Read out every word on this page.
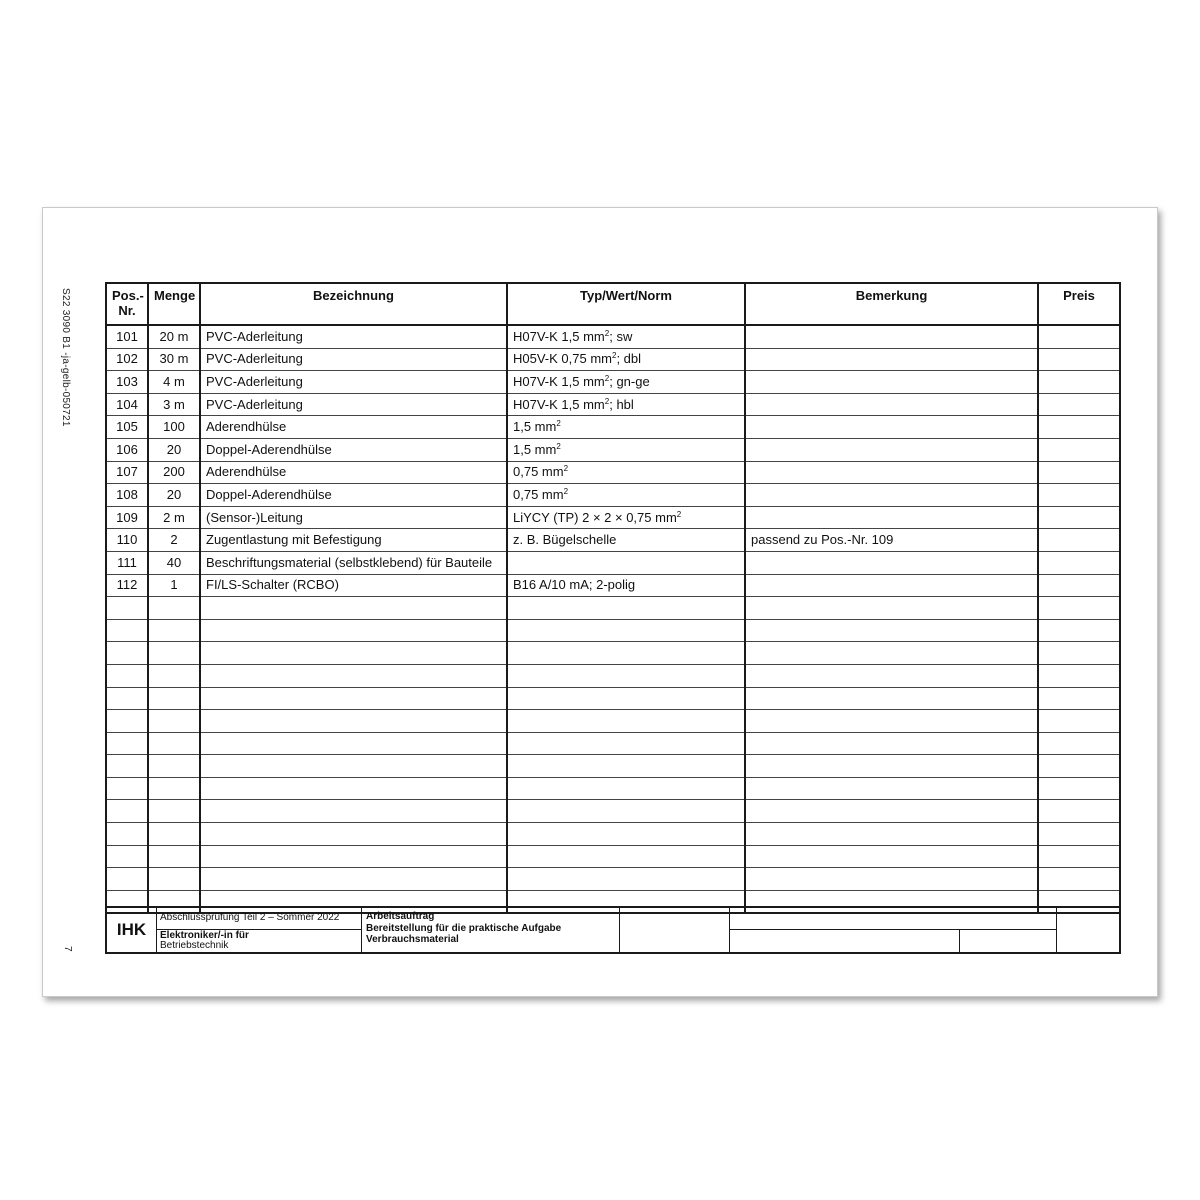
S22 3090 B1 -ja-gelb-050721
7
Pos.-
Nr.	Menge	Bezeichnung	Typ/Wert/Norm	Bemerkung	Preis
101	20 m	PVC-Aderleitung	H07V-K 1,5 $mm^2$; sw		
102	30 m	PVC-Aderleitung	H05V-K 0,75 $mm^2$; dbl		
103	4 m	PVC-Aderleitung	H07V-K 1,5 $mm^2$; gn-ge		
104	3 m	PVC-Aderleitung	H07V-K 1,5 $mm^2$; hbl		
105	100	Aderendhülse	1,5 $mm^2$		
106	20	Doppel-Aderendhülse	1,5 $mm^2$		
107	200	Aderendhülse	0,75 $mm^2$		
108	20	Doppel-Aderendhülse	0,75 $mm^2$		
109	2 m	(Sensor-)Leitung	LiYCY (TP) 2 × 2 × 0,75 $mm^2$		
110	2	Zugentlastung mit Befestigung	z. B. Bügelschelle	passend zu Pos.-Nr. 109	
111	40	Beschriftungsmaterial (selbstklebend) für Bauteile			
112	1	FI/LS-Schalter (RCBO)	B16 A/10 mA; 2-polig		

IHK
Abschlussprüfung Teil 2 – Sommer 2022
Elektroniker/-in für
Betriebstechnik
Arbeitsauftrag
Bereitstellung für die praktische Aufgabe
Verbrauchsmaterial
